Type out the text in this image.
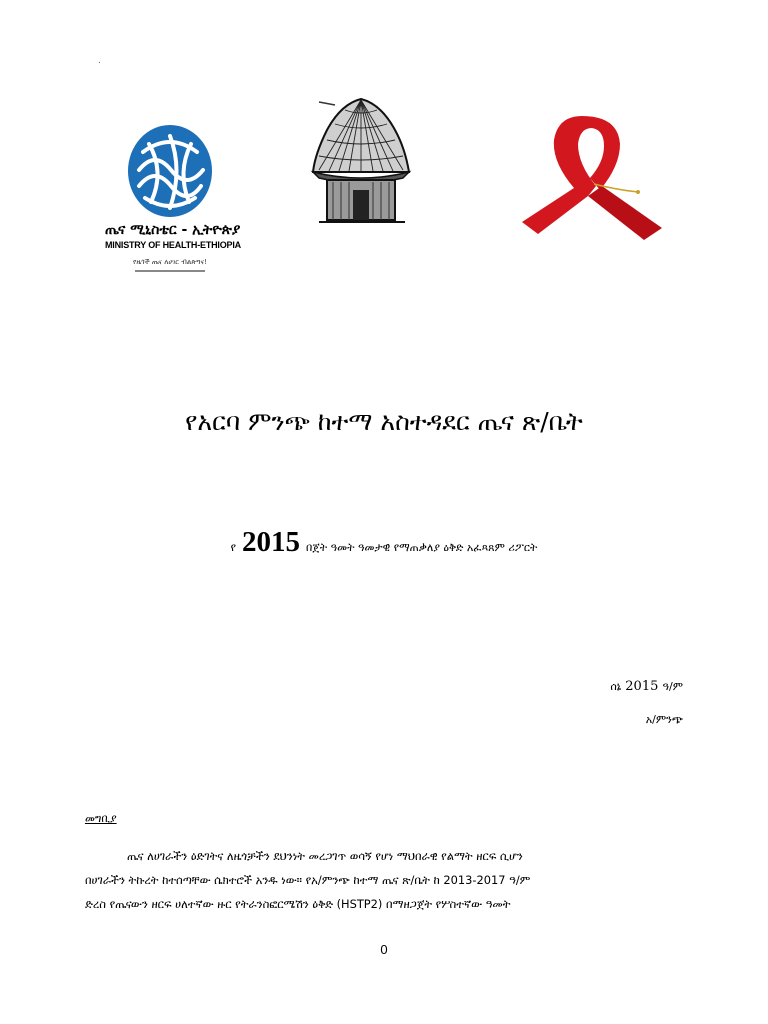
.
ጤና ሚኒስቴር - ኢትዮጵያ
MINISTRY OF HEALTH-ETHIOPIA
የዜጎች ጤና ለሀገር ብልጽግና!
የአርባ ምንጭ ከተማ አስተዳደር ጤና ጽ/ቤት
የ 2015 በጀት ዓመት ዓመታዊ የማጠቃለያ ዕቅድ አፈጻጸም ሪፖርት
ሰኔ 2015 ዓ/ም
አ/ምንጭ
መግቢያ
ጤና ለሀገራችን ዕድገትና ለዜጎቻችን ደህንነት መረጋገጥ ወሳኝ የሆነ ማህበራዊ የልማት ዘርፍ ሲሆን
በሀገራችን ትኩረት ከተሰጣቸው ሴክተሮች አንዱ ነው። የአ/ምንጭ ከተማ ጤና ጽ/ቤት ከ 2013-2017 ዓ/ም
ድረስ የጤናውን ዘርፍ ሀለተኛው ዙር የትራንስፎርሜሽን ዕቅድ (HSTP2) በማዘጋጀት የሦስተኛው ዓመት
0
